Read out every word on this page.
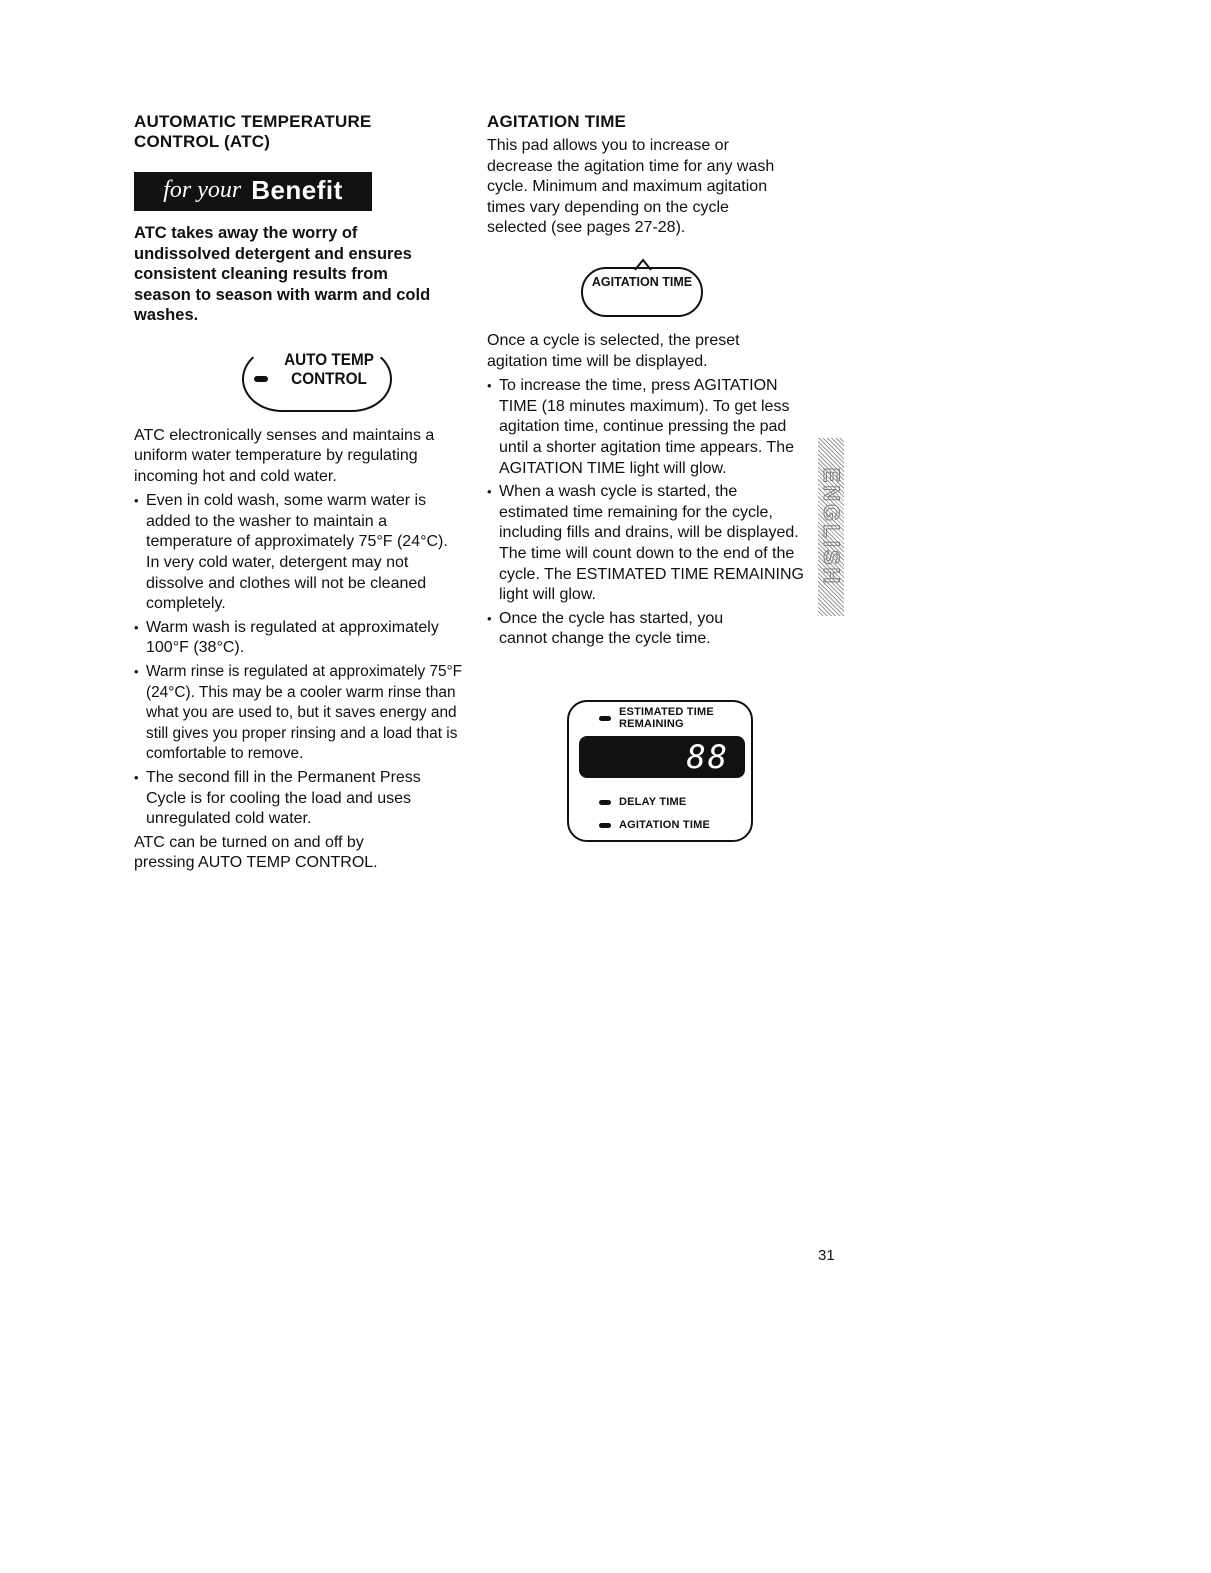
AUTOMATIC TEMPERATURE CONTROL (ATC)
for your Benefit
ATC takes away the worry of undissolved detergent and ensures consistent cleaning results from season to season with warm and cold washes.
AUTO TEMP CONTROL

ATC electronically senses and maintains a uniform water temperature by regulating incoming hot and cold water.

• Even in cold wash, some warm water is added to the washer to maintain a temperature of approximately 75°F (24°C). In very cold water, detergent may not dissolve and clothes will not be cleaned completely.
• Warm wash is regulated at approximately 100°F (38°C).
• Warm rinse is regulated at approximately 75°F (24°C). This may be a cooler warm rinse than what you are used to, but it saves energy and still gives you proper rinsing and a load that is comfortable to remove.
• The second fill in the Permanent Press Cycle is for cooling the load and uses unregulated cold water.

ATC can be turned on and off by pressing AUTO TEMP CONTROL.

AGITATION TIME

This pad allows you to increase or decrease the agitation time for any wash cycle. Minimum and maximum agitation times vary depending on the cycle selected (see pages 27-28).

AGITATION TIME

Once a cycle is selected, the preset agitation time will be displayed.

• To increase the time, press AGITATION TIME (18 minutes maximum). To get less agitation time, continue pressing the pad until a shorter agitation time appears. The AGITATION TIME light will glow.
• When a wash cycle is started, the estimated time remaining for the cycle, including fills and drains, will be displayed. The time will count down to the end of the cycle. The ESTIMATED TIME REMAINING light will glow.
• Once the cycle has started, you cannot change the cycle time.
ESTIMATED TIME REMAINING
88
DELAY TIME
AGITATION TIME
ENGLISH
31
